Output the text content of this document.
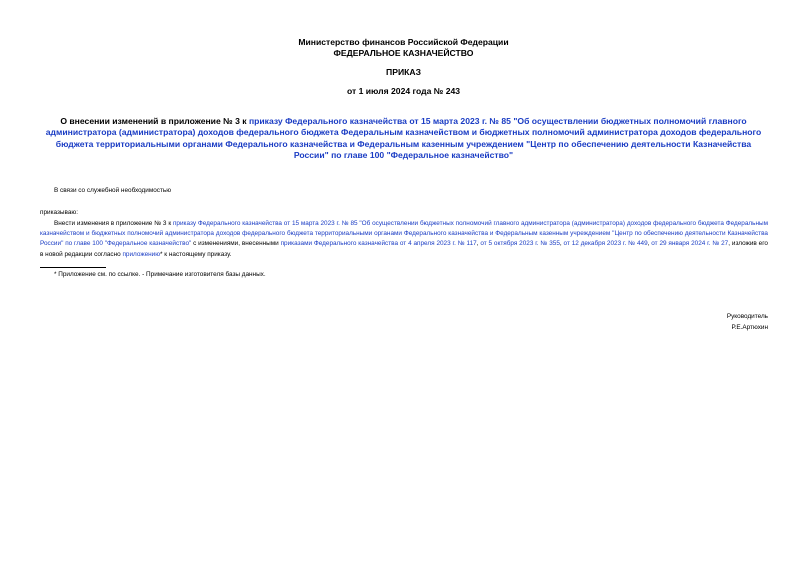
Министерство финансов Российской Федерации
ФЕДЕРАЛЬНОЕ КАЗНАЧЕЙСТВО
ПРИКАЗ
от 1 июля 2024 года № 243
О внесении изменений в приложение № 3 к приказу Федерального казначейства от 15 марта 2023 г. № 85 "Об осуществлении бюджетных полномочий главного администратора (администратора) доходов федерального бюджета Федеральным казначейством и бюджетных полномочий администратора доходов федерального бюджета территориальными органами Федерального казначейства и Федеральным казенным учреждением "Центр по обеспечению деятельности Казначейства России" по главе 100 "Федеральное казначейство"
В связи со служебной необходимостью
приказываю:
Внести изменения в приложение № 3 к приказу Федерального казначейства от 15 марта 2023 г. № 85 "Об осуществлении бюджетных полномочий главного администратора (администратора) доходов федерального бюджета Федеральным казначейством и бюджетных полномочий администратора доходов федерального бюджета территориальными органами Федерального казначейства и Федеральным казенным учреждением "Центр по обеспечению деятельности Казначейства России" по главе 100 "Федеральное казначейство" с изменениями, внесенными приказами Федерального казначейства от 4 апреля 2023 г. № 117, от 5 октября 2023 г. № 355, от 12 декабря 2023 г. № 449, от 29 января 2024 г. № 27, изложив его в новой редакции согласно приложению* к настоящему приказу.
* Приложение см. по ссылке. - Примечание изготовителя базы данных.
Руководитель
Р.Е.Артюхин
